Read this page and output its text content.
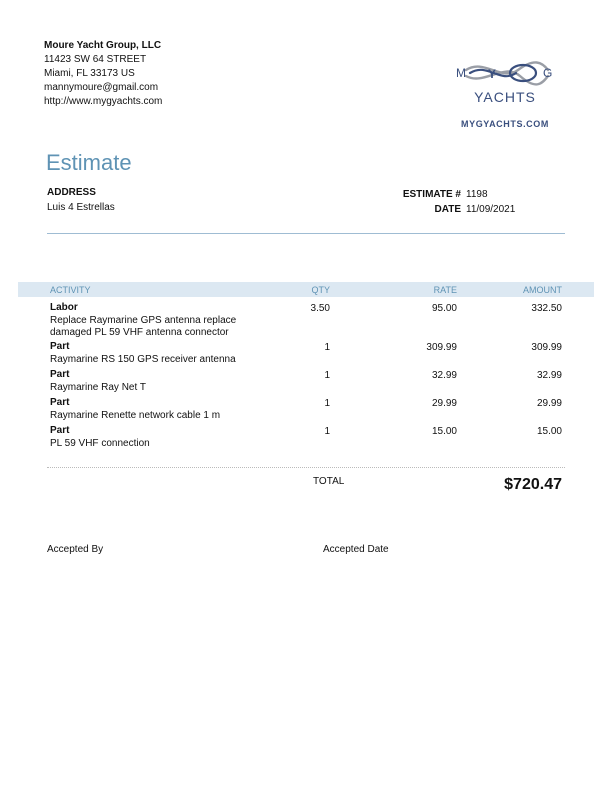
Moure Yacht Group, LLC
11423 SW 64 STREET
Miami, FL 33173 US
mannymoure@gmail.com
http://www.mygyachts.com
M Y	G
YACHTS
MYGYACHTS.COM
Estimate
ADDRESS
Luis 4 Estrellas
ESTIMATE # 1198
DATE 11/09/2021
ACTIVITY	QTY	RATE	AMOUNT
Labor
Replace Raymarine GPS antenna replace damaged PL 59 VHF antenna connector
3.50	95.00	332.50
Part
Raymarine RS 150 GPS receiver antenna
1	309.99	309.99
Part
Raymarine Ray Net T
1	32.99	32.99
Part
Raymarine Renette network cable 1 m
1	29.99	29.99
Part
PL 59 VHF connection
1	15.00	15.00
TOTAL	$720.47
Accepted By	Accepted Date
